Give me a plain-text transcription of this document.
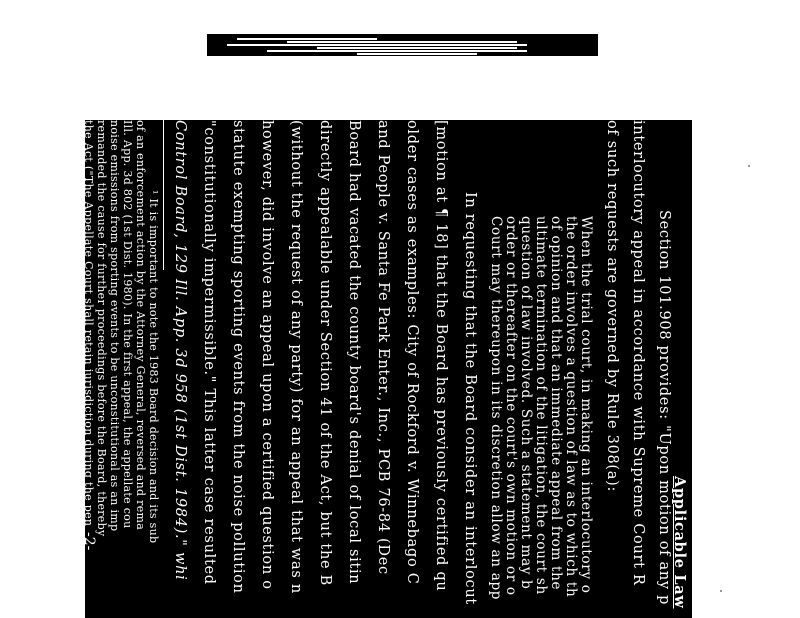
Applicable Law
Section 101.908 provides: "Upon motion of any p
interlocutory appeal in accordance with Supreme Court R
of such requests are governed by Rule 308(a):
When the trial court, in making an interlocutory o
the order involves a question of law as to which th
of opinion and that an immediate appeal from the
ultimate termination of the litigation, the court sh
question of law involved. Such a statement may b
order or thereafter on the court's own motion or o
Court may thereupon in its discretion allow an app
In requesting that the Board consider an interlocut
[motion at ¶ 18] that the Board has previously certified qu
older cases as examples: City of Rockford v. Winnebago C
and People v. Santa Fe Park Enter., Inc., PCB 76-84 (Dec
Board had vacated the county board's denial of local sitin
directly appealable under Section 41 of the Act, but the B
(without the request of any party) for an appeal that was n
however, did involve an appeal upon a certified question o
statute exempting sporting events from the noise pollution
"constitutionally impermissible." This latter case resulted
Control Board, 129 Ill. App. 3d 958 (1st Dist. 1984)." whi
¹ It is important to note the 1983 Board decision and its sub
of an enforcement action by the Attorney General, reversed and rema
Ill. App. 3d 802 (1st Dist. 1980). In the first appeal, the appellate cou
noise emissions from sporting events to be unconstitutional as an imp
remanded the cause for further proceedings before the Board, thereby
the Act ("The Appellate Court shall retain jurisdiction during the pen
-2-
